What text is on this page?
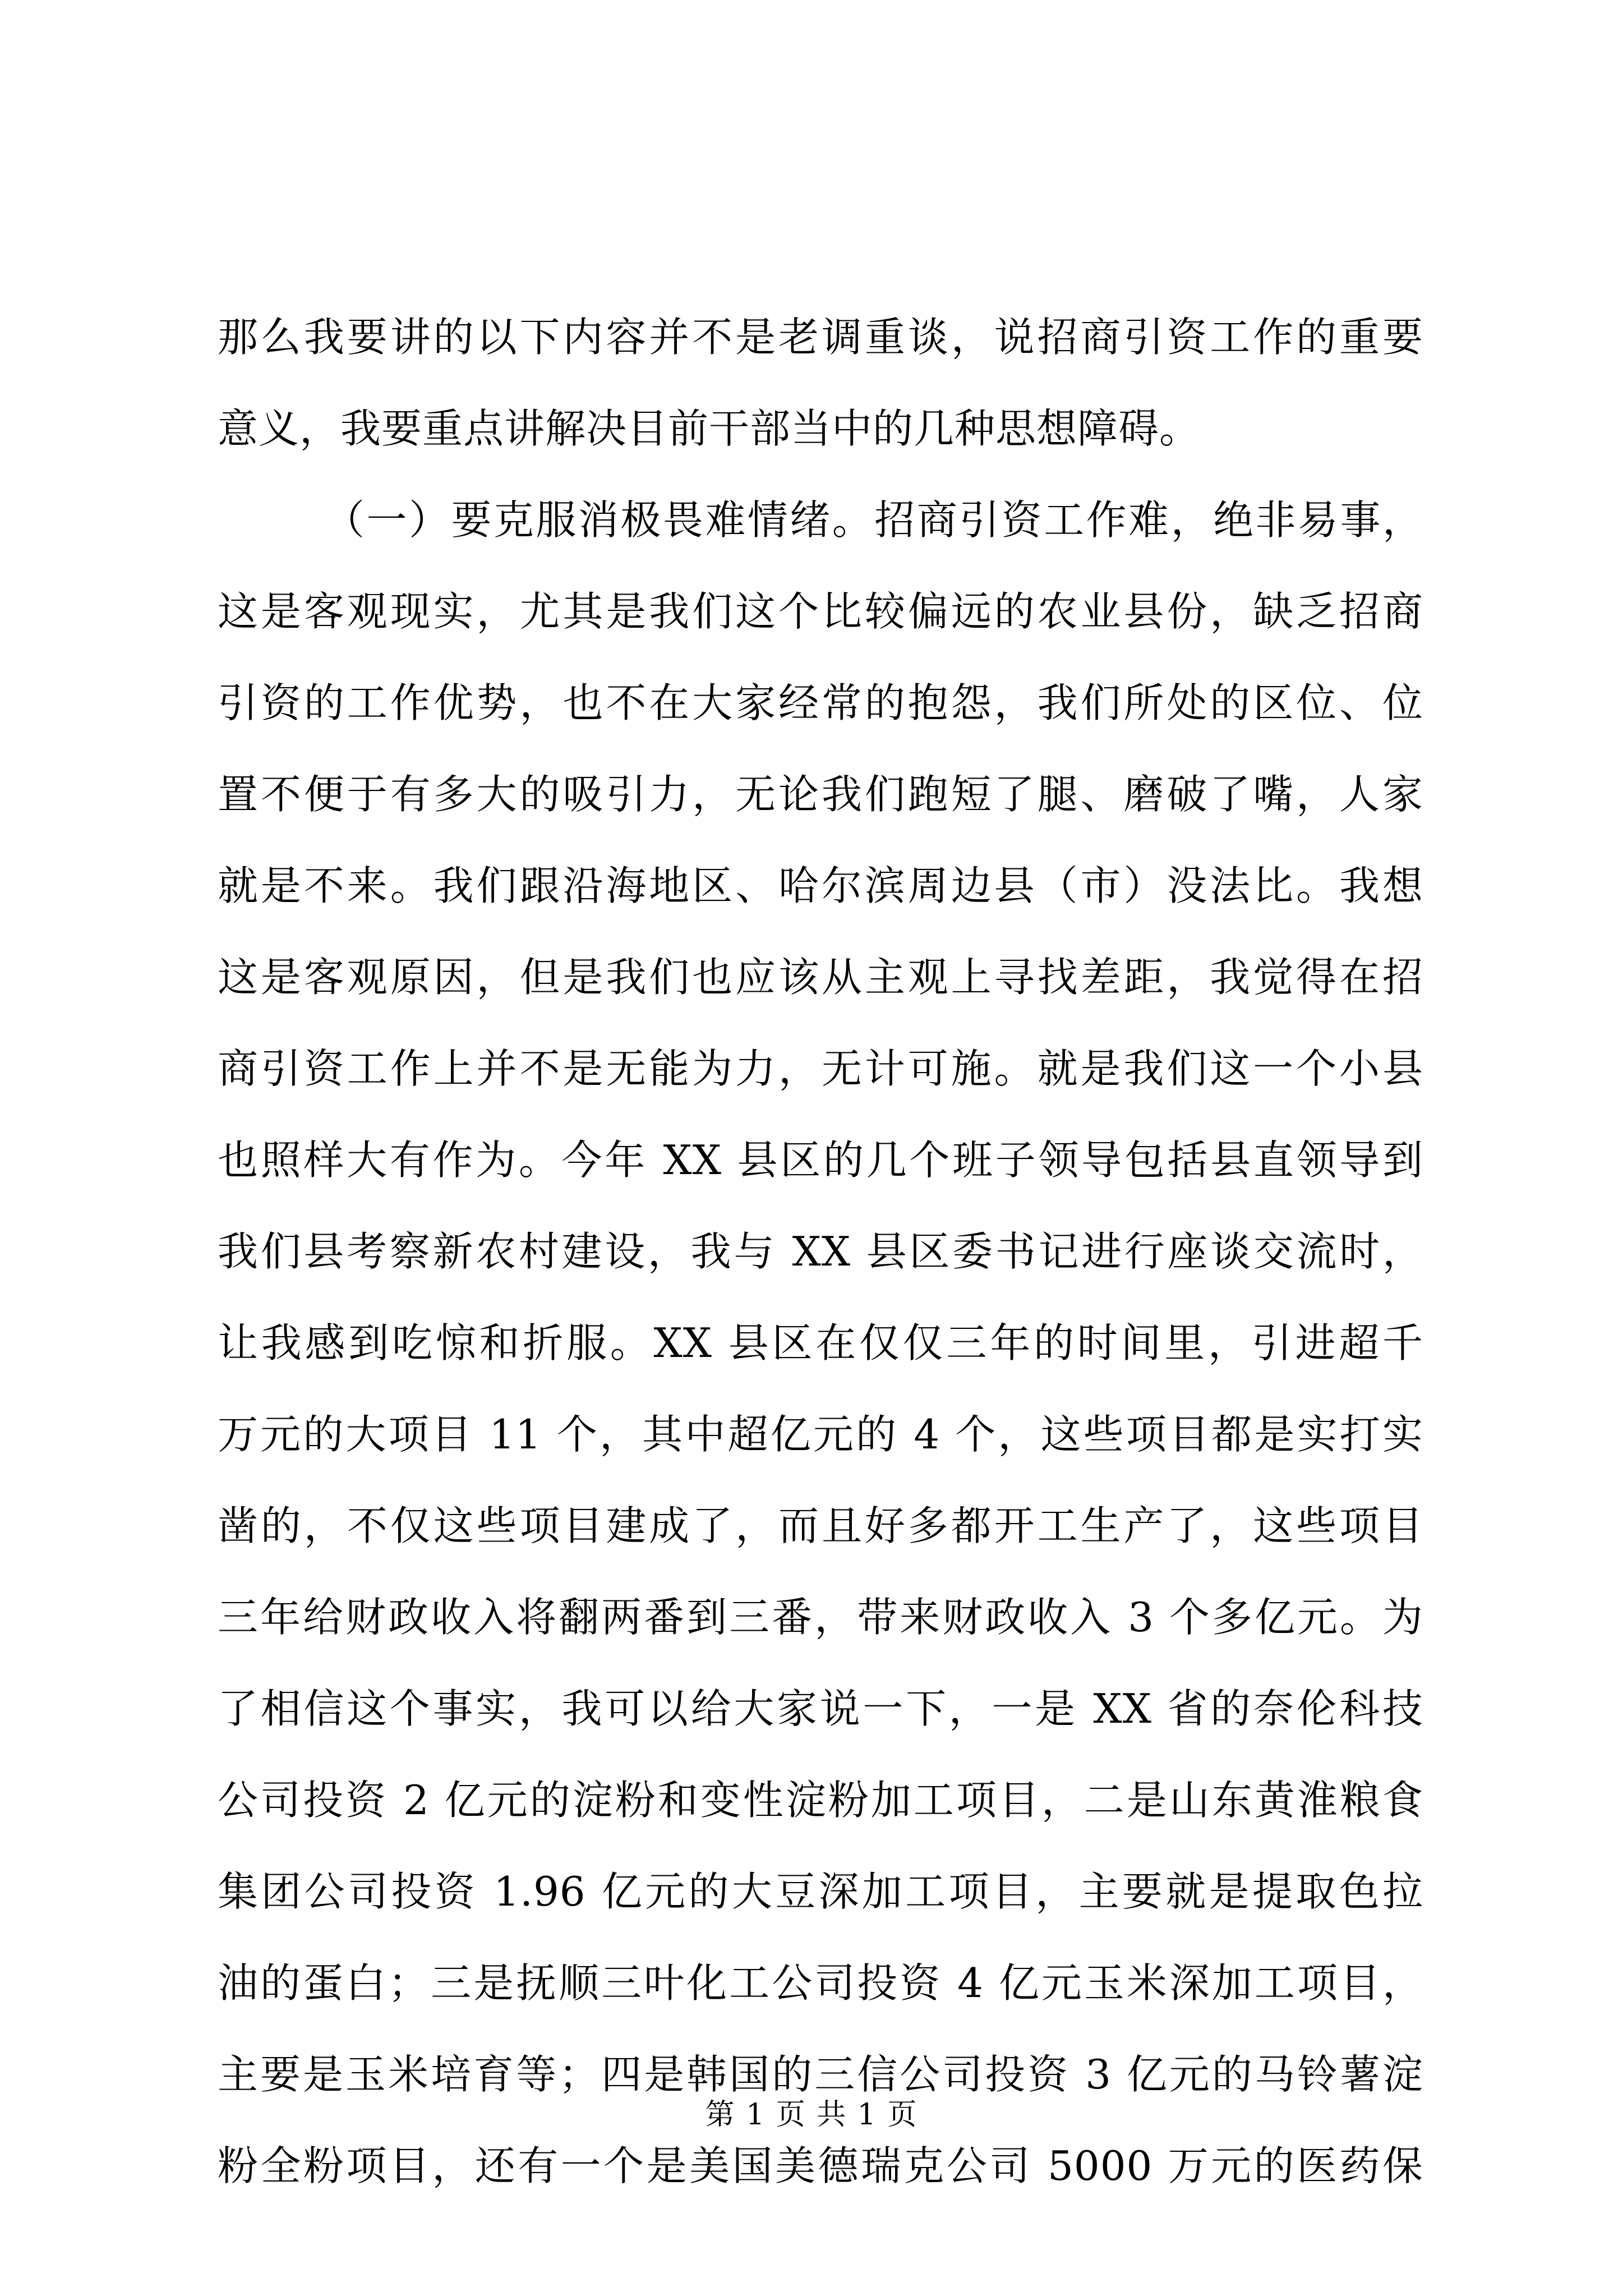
那么我要讲的以下内容并不是老调重谈，说招商引资工作的重要
意义，我要重点讲解决目前干部当中的几种思想障碍。
（一）要克服消极畏难情绪。招商引资工作难，绝非易事，
这是客观现实，尤其是我们这个比较偏远的农业县份，缺乏招商
引资的工作优势，也不在大家经常的抱怨，我们所处的区位、位
置不便于有多大的吸引力，无论我们跑短了腿、磨破了嘴，人家
就是不来。我们跟沿海地区、哈尔滨周边县（市）没法比。我想
这是客观原因，但是我们也应该从主观上寻找差距，我觉得在招
商引资工作上并不是无能为力，无计可施。就是我们这一个小县
也照样大有作为。今年 XX 县区的几个班子领导包括县直领导到
我们县考察新农村建设，我与 XX 县区委书记进行座谈交流时，
让我感到吃惊和折服。XX 县区在仅仅三年的时间里，引进超千
万元的大项目 11 个，其中超亿元的 4 个，这些项目都是实打实
凿的，不仅这些项目建成了，而且好多都开工生产了，这些项目
三年给财政收入将翻两番到三番，带来财政收入 3 个多亿元。为
了相信这个事实，我可以给大家说一下，一是 XX 省的奈伦科技
公司投资 2 亿元的淀粉和变性淀粉加工项目，二是山东黄淮粮食
集团公司投资 1.96 亿元的大豆深加工项目，主要就是提取色拉
油的蛋白；三是抚顺三叶化工公司投资 4 亿元玉米深加工项目，
主要是玉米培育等；四是韩国的三信公司投资 3 亿元的马铃薯淀
粉全粉项目，还有一个是美国美德瑞克公司 5000 万元的医药保
第 1 页 共 1 页
